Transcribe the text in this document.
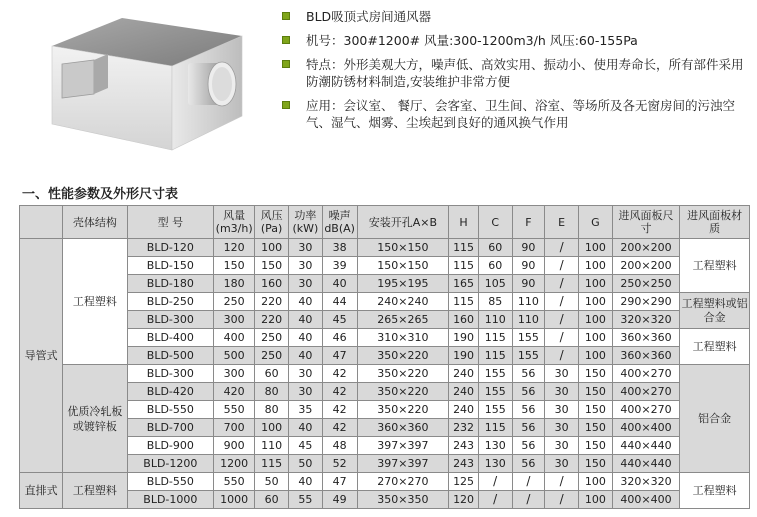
BLD吸顶式房间通风器
机号：300#1200# 风量:300-1200m3/h 风压:60-155Pa
特点：外形美观大方，噪声低、高效实用、振动小、使用寿命长，所有部件采用防潮防锈材料制造,安装维护非常方便
应用：会议室、 餐厅、会客室、卫生间、浴室、等场所及各无窗房间的污浊空气、湿气、烟雾、尘埃起到良好的通风换气作用
一、性能参数及外形尺寸表
	壳体结构	型 号	风量(m3/h)	风压(Pa)	功率(kW)	噪声dB(A)	安装开孔A×B	H	C	F	E	G	进风面板尺 寸	进风面板材 质
导管式	工程塑料	BLD-120	120	100	30	38	150×150	115	60	90	/	100	200×200	工程塑料
		BLD-150	150	150	30	39	150×150	115	60	90	/	100	200×200	
		BLD-180	180	160	30	40	195×195	165	105	90	/	100	250×250	
		BLD-250	250	220	40	44	240×240	115	85	110	/	100	290×290	工程塑料或铝合金
		BLD-300	300	220	40	45	265×265	160	110	110	/	100	320×320	
		BLD-400	400	250	40	46	310×310	190	115	155	/	100	360×360	工程塑料
		BLD-500	500	250	40	47	350×220	190	115	155	/	100	360×360	
	优质冷轧板或镀锌板	BLD-300	300	60	30	42	350×220	240	155	56	30	150	400×270	铝合金
		BLD-420	420	80	30	42	350×220	240	155	56	30	150	400×270	
		BLD-550	550	80	35	42	350×220	240	155	56	30	150	400×270	
		BLD-700	700	100	40	42	360×360	232	115	56	30	150	400×400	
		BLD-900	900	110	45	48	397×397	243	130	56	30	150	440×440	
		BLD-1200	1200	115	50	52	397×397	243	130	56	30	150	440×440	
直排式	工程塑料	BLD-550	550	50	40	47	270×270	125	/	/	/	100	320×320	工程塑料
		BLD-1000	1000	60	55	49	350×350	120	/	/	/	100	400×400	
